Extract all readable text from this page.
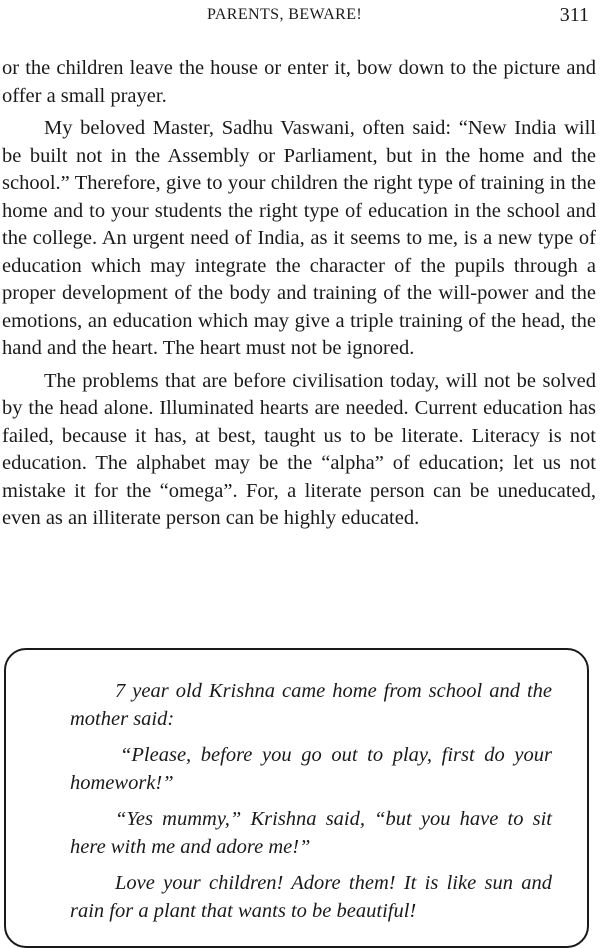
PARENTS, BEWARE!	311

or the children leave the house or enter it, bow down to the picture and offer a small prayer.

My beloved Master, Sadhu Vaswani, often said: “New India will be built not in the Assembly or Parliament, but in the home and the school.” Therefore, give to your children the right type of training in the home and to your students the right type of education in the school and the college. An urgent need of India, as it seems to me, is a new type of education which may integrate the character of the pupils through a proper development of the body and training of the will-power and the emotions, an education which may give a triple training of the head, the hand and the heart. The heart must not be ignored.

The problems that are before civilisation today, will not be solved by the head alone. Illuminated hearts are needed. Current education has failed, because it has, at best, taught us to be literate. Literacy is not education. The alphabet may be the “alpha” of education; let us not mistake it for the “omega”. For, a literate person can be uneducated, even as an illiterate person can be highly educated.

7 year old Krishna came home from school and the mother said:

“Please, before you go out to play, first do your homework!”

“Yes mummy,” Krishna said, “but you have to sit here with me and adore me!”

Love your children! Adore them! It is like sun and rain for a plant that wants to be beautiful!
